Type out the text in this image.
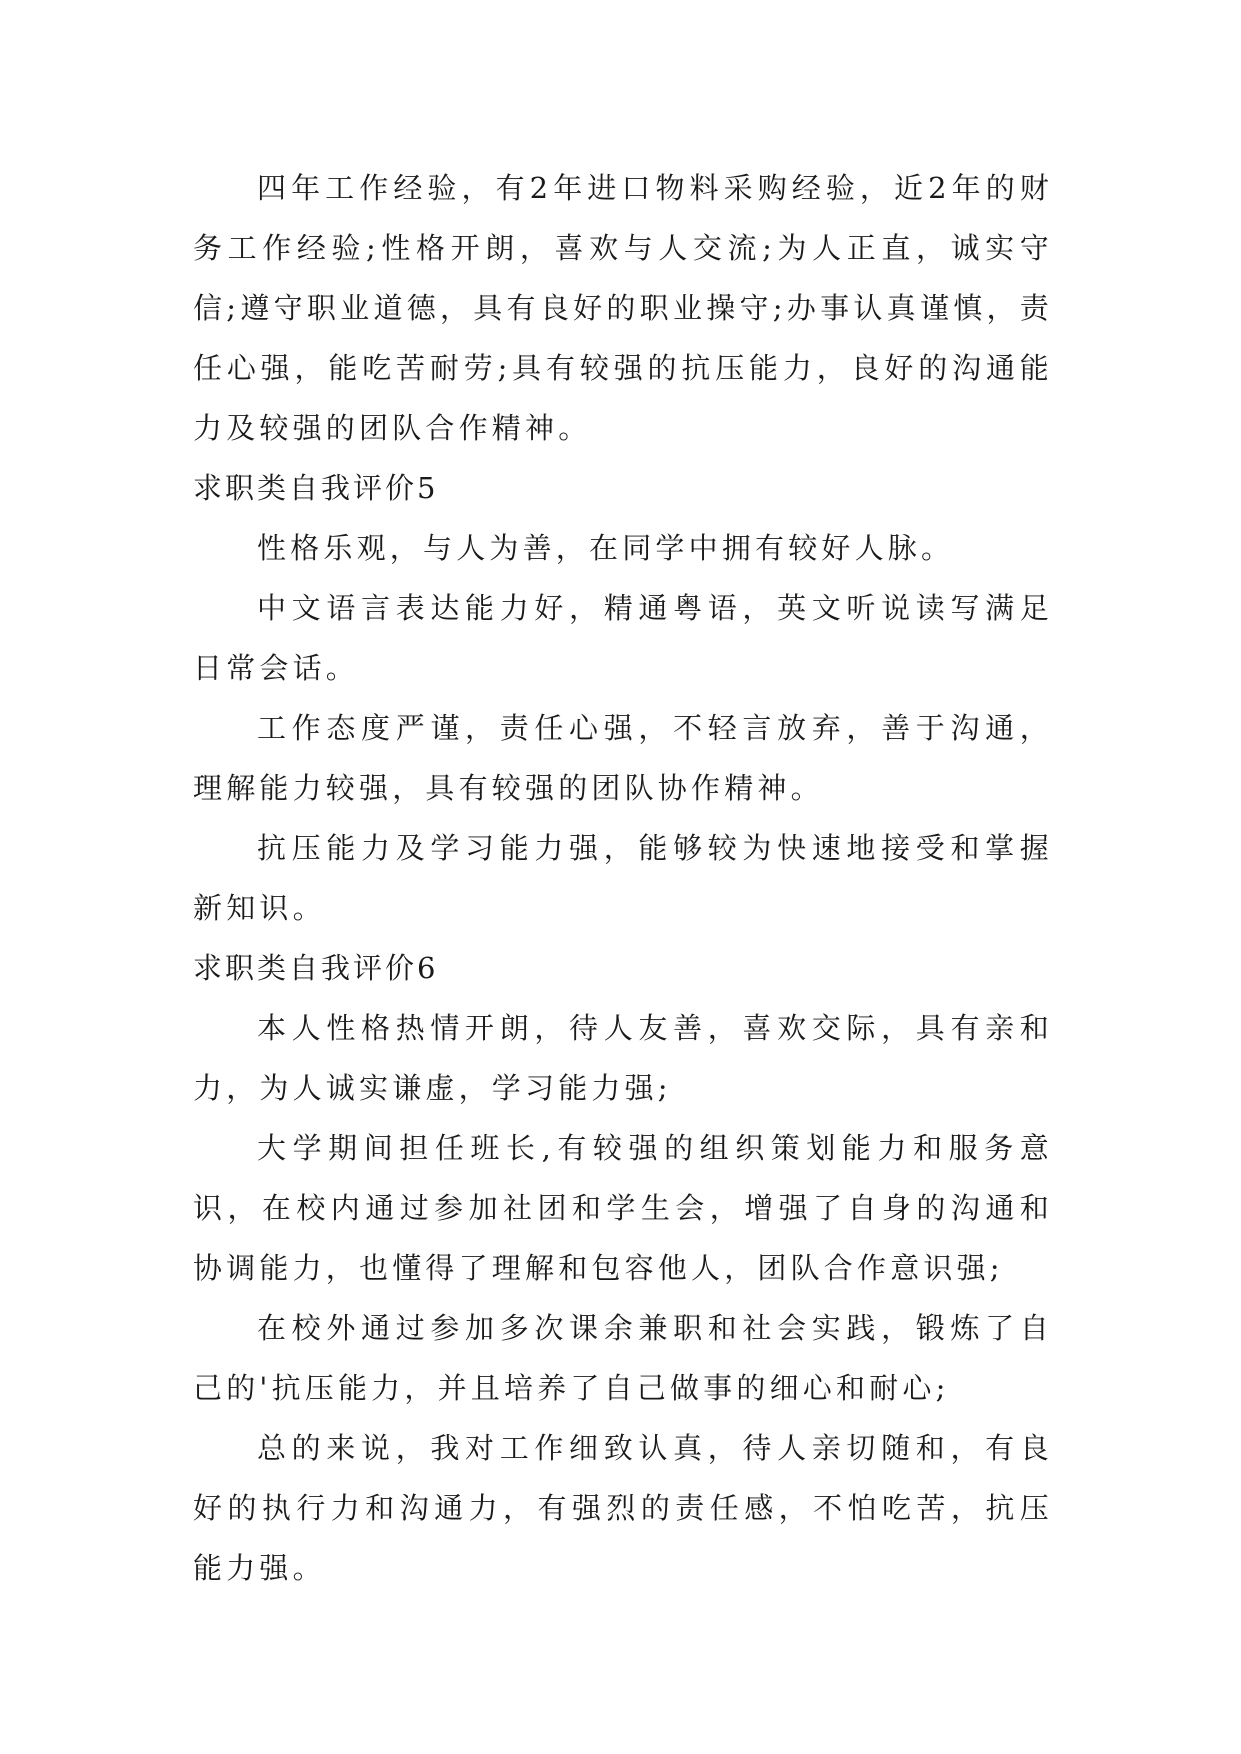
四年工作经验，有2年进口物料采购经验，近2年的财务工作经验;性格开朗，喜欢与人交流;为人正直，诚实守信;遵守职业道德，具有良好的职业操守;办事认真谨慎，责任心强，能吃苦耐劳;具有较强的抗压能力，良好的沟通能力及较强的团队合作精神。

求职类自我评价5

性格乐观，与人为善，在同学中拥有较好人脉。

中文语言表达能力好，精通粤语，英文听说读写满足日常会话。

工作态度严谨，责任心强，不轻言放弃，善于沟通，理解能力较强，具有较强的团队协作精神。

抗压能力及学习能力强，能够较为快速地接受和掌握新知识。

求职类自我评价6

本人性格热情开朗，待人友善，喜欢交际，具有亲和力，为人诚实谦虚，学习能力强;

大学期间担任班长,有较强的组织策划能力和服务意识，在校内通过参加社团和学生会，增强了自身的沟通和协调能力，也懂得了理解和包容他人，团队合作意识强;

在校外通过参加多次课余兼职和社会实践，锻炼了自己的'抗压能力，并且培养了自己做事的细心和耐心;

总的来说，我对工作细致认真，待人亲切随和，有良好的执行力和沟通力，有强烈的责任感，不怕吃苦，抗压能力强。
